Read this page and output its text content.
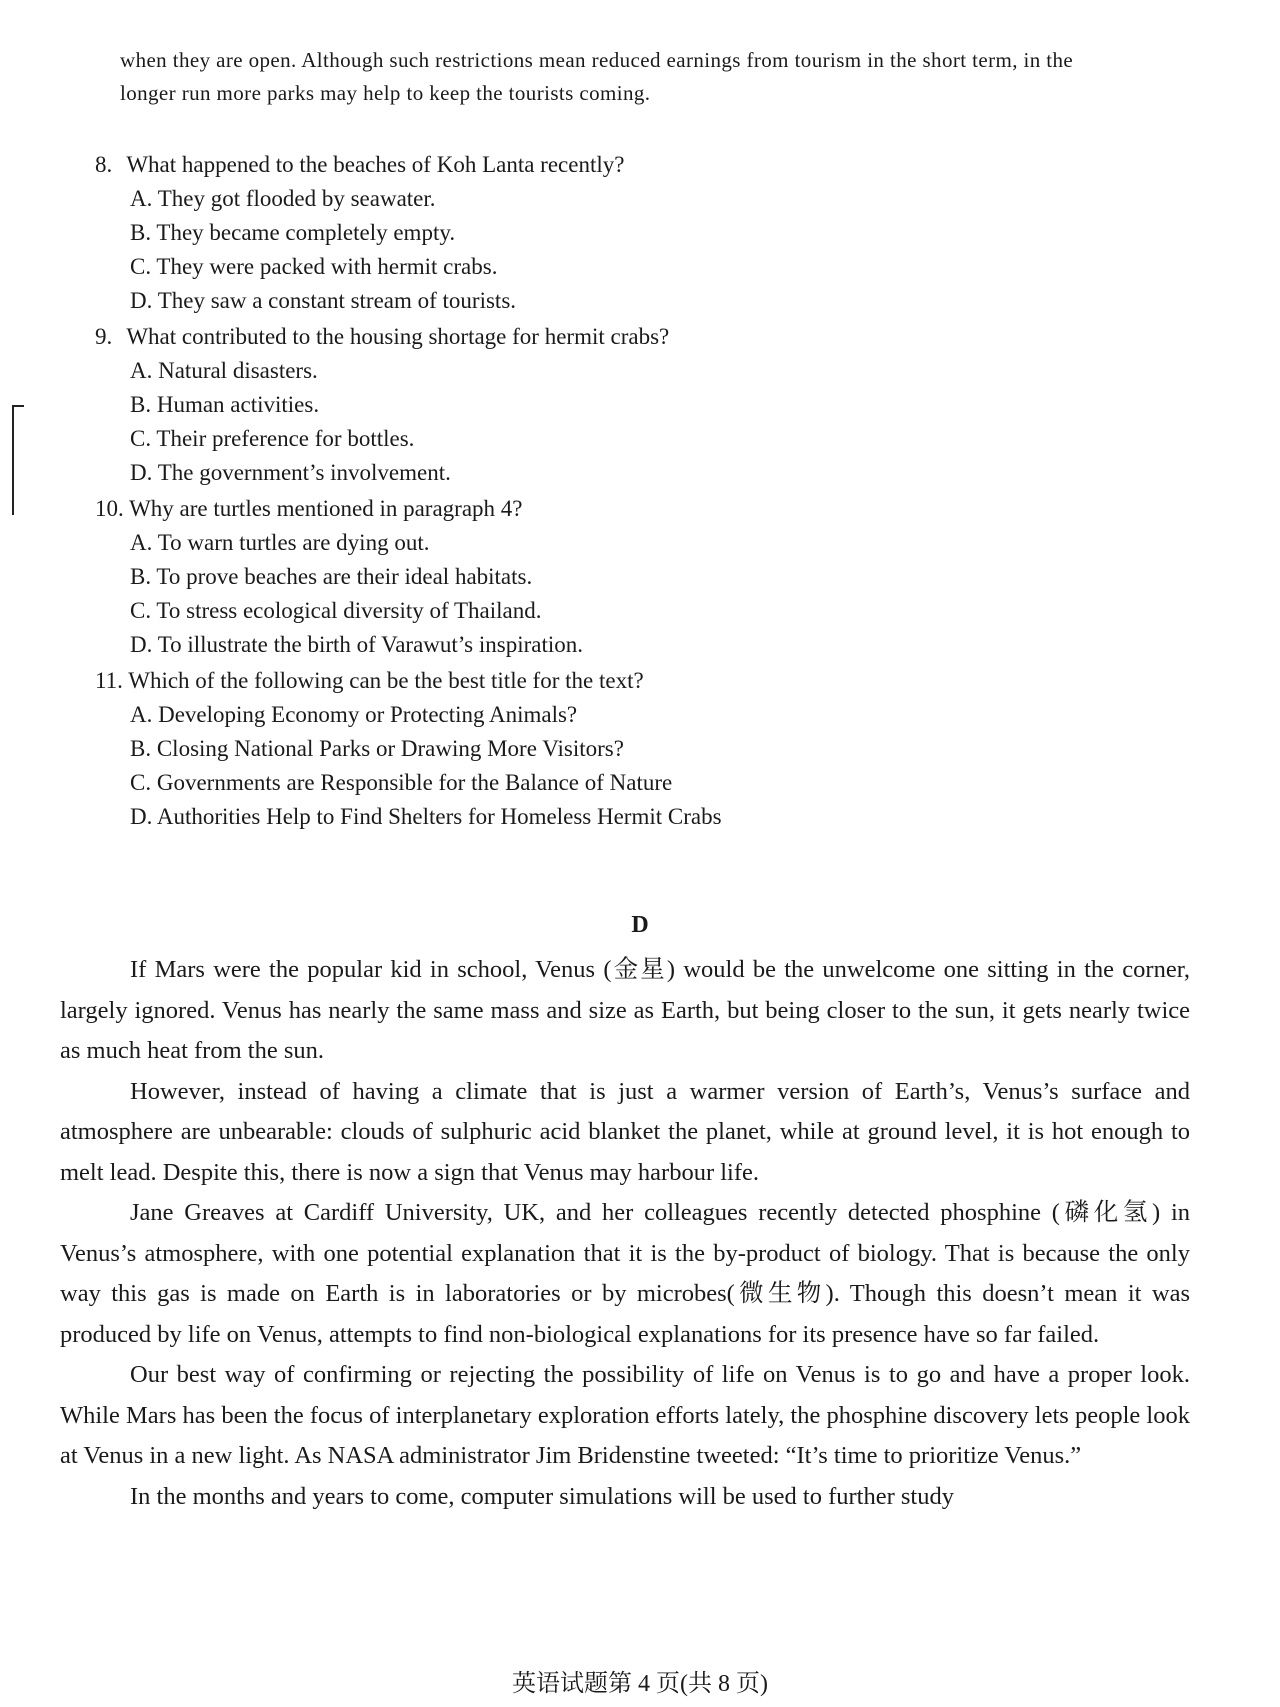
when they are open. Although such restrictions mean reduced earnings from tourism in the short term, in the longer run more parks may help to keep the tourists coming.

8. What happened to the beaches of Koh Lanta recently?
A. They got flooded by seawater.
B. They became completely empty.
C. They were packed with hermit crabs.
D. They saw a constant stream of tourists.
9. What contributed to the housing shortage for hermit crabs?
A. Natural disasters.
B. Human activities.
C. Their preference for bottles.
D. The government’s involvement.
10. Why are turtles mentioned in paragraph 4?
A. To warn turtles are dying out.
B. To prove beaches are their ideal habitats.
C. To stress ecological diversity of Thailand.
D. To illustrate the birth of Varawut’s inspiration.
11. Which of the following can be the best title for the text?
A. Developing Economy or Protecting Animals?
B. Closing National Parks or Drawing More Visitors?
C. Governments are Responsible for the Balance of Nature
D. Authorities Help to Find Shelters for Homeless Hermit Crabs
D

If Mars were the popular kid in school, Venus (金星) would be the unwelcome one sitting in the corner, largely ignored. Venus has nearly the same mass and size as Earth, but being closer to the sun, it gets nearly twice as much heat from the sun.

However, instead of having a climate that is just a warmer version of Earth’s, Venus’s surface and atmosphere are unbearable: clouds of sulphuric acid blanket the planet, while at ground level, it is hot enough to melt lead. Despite this, there is now a sign that Venus may harbour life.

Jane Greaves at Cardiff University, UK, and her colleagues recently detected phosphine (磷化氢) in Venus’s atmosphere, with one potential explanation that it is the by-product of biology. That is because the only way this gas is made on Earth is in laboratories or by microbes(微生物). Though this doesn’t mean it was produced by life on Venus, attempts to find non-biological explanations for its presence have so far failed.

Our best way of confirming or rejecting the possibility of life on Venus is to go and have a proper look. While Mars has been the focus of interplanetary exploration efforts lately, the phosphine discovery lets people look at Venus in a new light. As NASA administrator Jim Bridenstine tweeted: “It’s time to prioritize Venus.”

In the months and years to come, computer simulations will be used to further study

英语试题第 4 页(共 8 页)
